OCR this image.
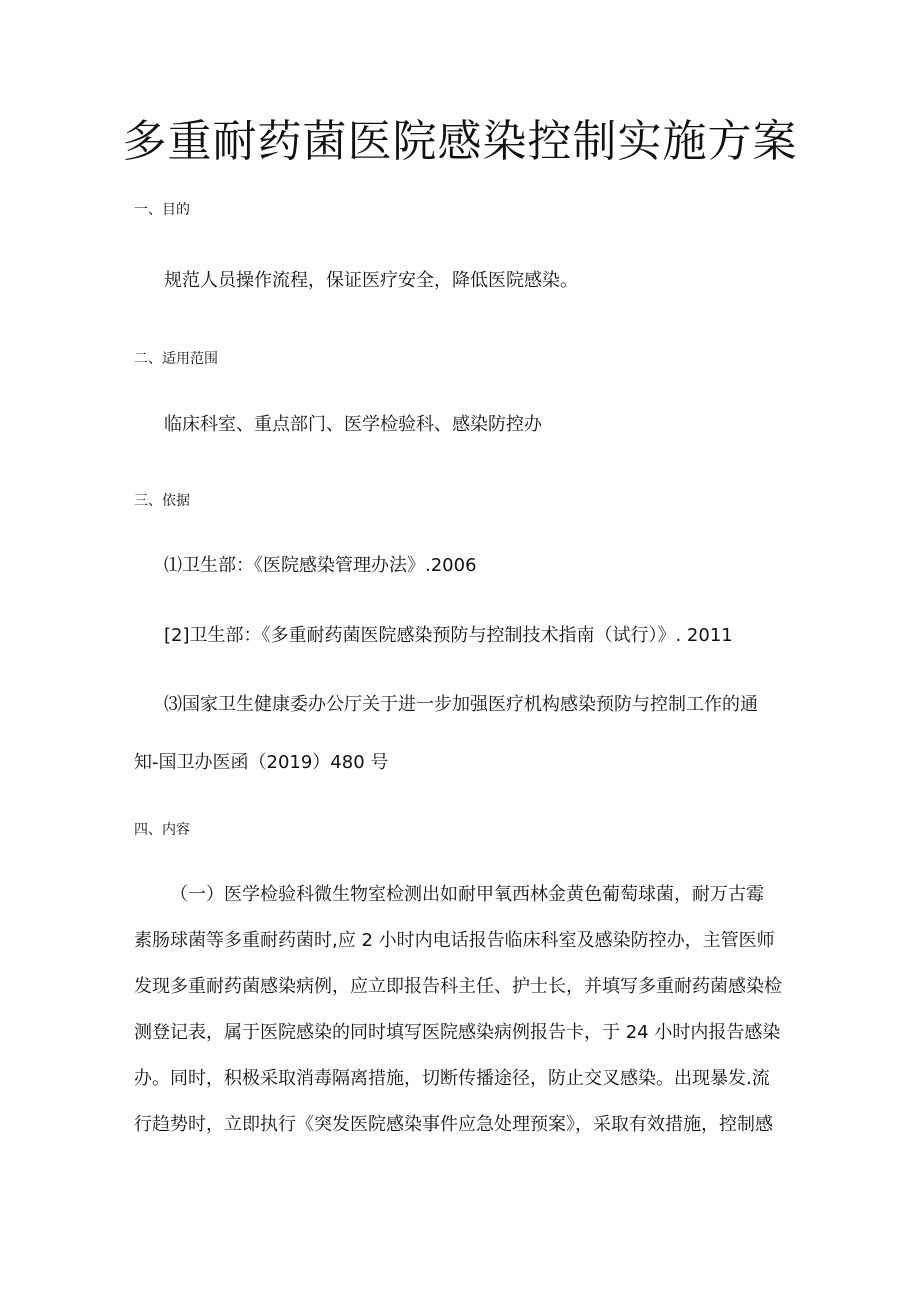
多重耐药菌医院感染控制实施方案
一、目的

规范人员操作流程，保证医疗安全，降低医院感染。

二、适用范围

临床科室、重点部门、医学检验科、感染防控办

三、依据

⑴卫生部：《医院感染管理办法》.2006

[2]卫生部：《多重耐药菌医院感染预防与控制技术指南（试行）》. 2011

⑶国家卫生健康委办公厅关于进一步加强医疗机构感染预防与控制工作的通
知-国卫办医函（2019）480 号
四、内容
（一）医学检验科微生物室检测出如耐甲氧西林金黄色葡萄球菌，耐万古霉
素肠球菌等多重耐药菌时,应 2 小时内电话报告临床科室及感染防控办，主管医师
发现多重耐药菌感染病例，应立即报告科主任、护士长，并填写多重耐药菌感染检
测登记表，属于医院感染的同时填写医院感染病例报告卡，于 24 小时内报告感染
办。同时，积极采取消毒隔离措施，切断传播途径，防止交叉感染。出现暴发.流
行趋势时，立即执行《突发医院感染事件应急处理预案》，采取有效措施，控制感
